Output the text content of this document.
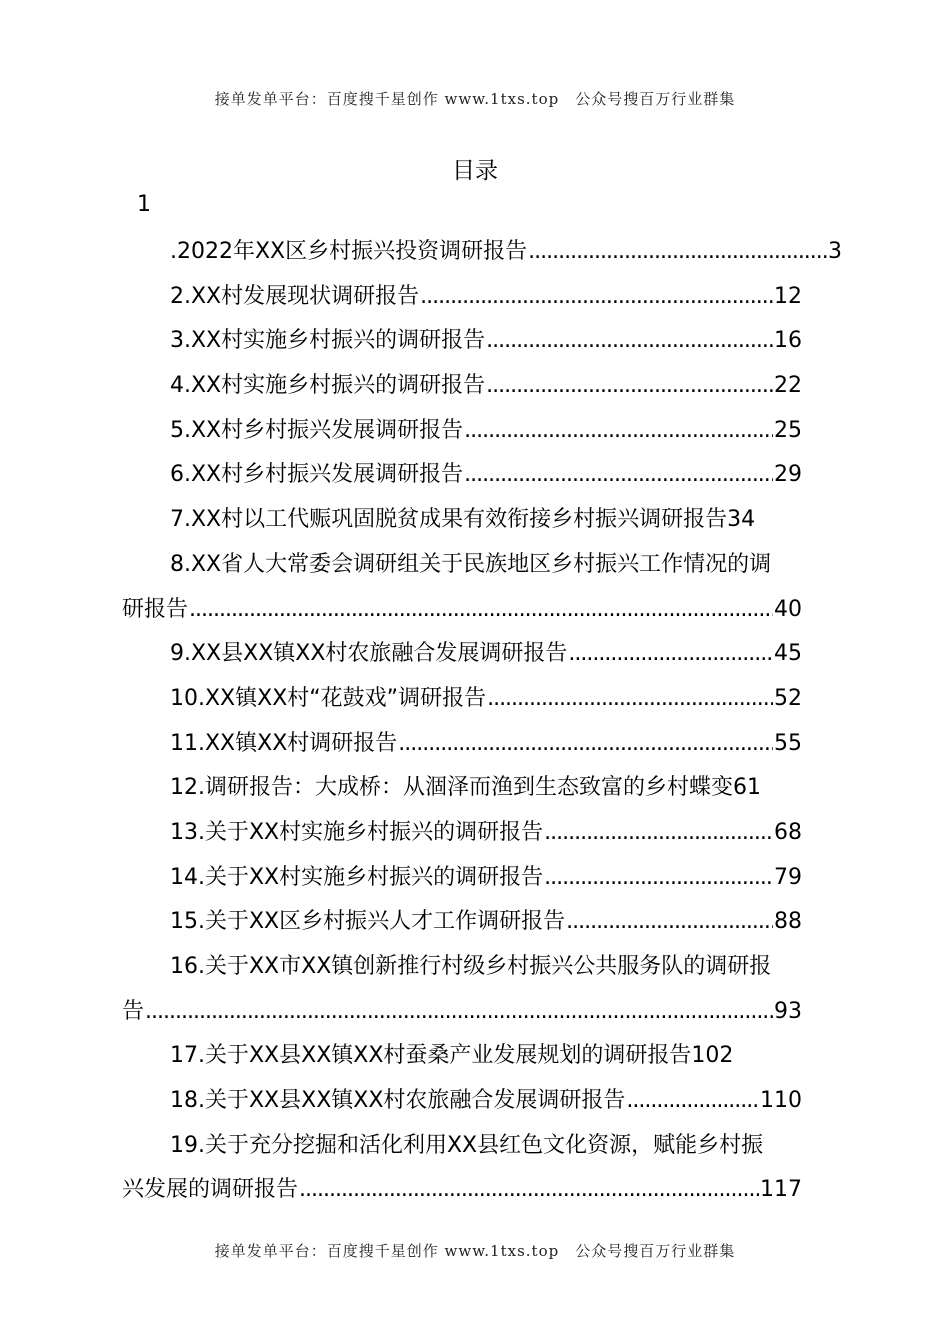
接单发单平台：百度搜千星创作 www.1txs.top　公众号搜百万行业群集
目录
1
.2022年XX区乡村振兴投资调研报告 .....	3
2.XX村发展现状调研报告 .....	12
3.XX村实施乡村振兴的调研报告 .....	16
4.XX村实施乡村振兴的调研报告 .....	22
5.XX村乡村振兴发展调研报告 .....	25
6.XX村乡村振兴发展调研报告 .....	29
7.XX村以工代赈巩固脱贫成果有效衔接乡村振兴调研报告 34
8.XX省人大常委会调研组关于民族地区乡村振兴工作情况的调
研报告 .....	40
9.XX县XX镇XX村农旅融合发展调研报告 .....	45
10.XX镇XX村“花鼓戏”调研报告 .....	52
11.XX镇XX村调研报告 .....	55
12.调研报告：大成桥：从涸泽而渔到生态致富的乡村蝶变 61
13.关于XX村实施乡村振兴的调研报告 .....	68
14.关于XX村实施乡村振兴的调研报告 .....	79
15.关于XX区乡村振兴人才工作调研报告 .....	88
16.关于XX市XX镇创新推行村级乡村振兴公共服务队的调研报
告 .....	93
17.关于XX县XX镇XX村蚕桑产业发展规划的调研报告 102
18.关于XX县XX镇XX村农旅融合发展调研报告 .....	110
19.关于充分挖掘和活化利用XX县红色文化资源，赋能乡村振
兴发展的调研报告 .....	117
接单发单平台：百度搜千星创作 www.1txs.top　公众号搜百万行业群集
